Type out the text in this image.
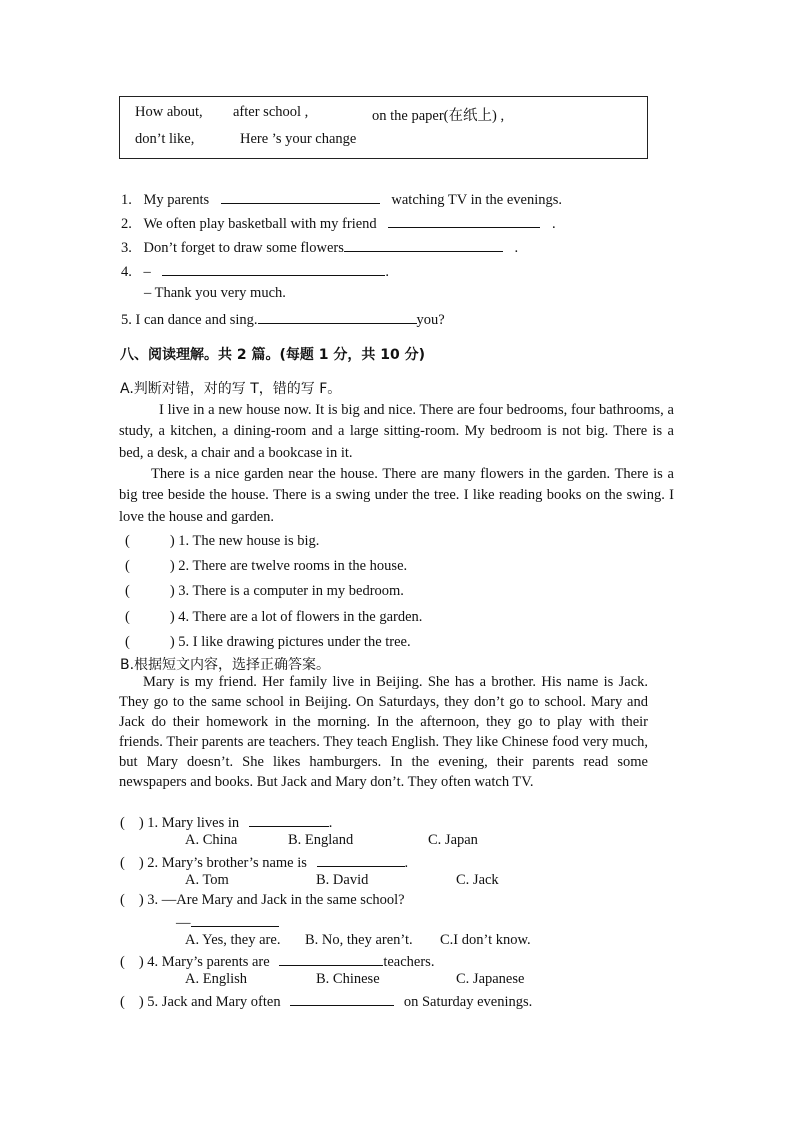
How about, after school ,	on the paper(在纸上) ,
don’t like,	Here ’s your change
1. My parents	watching TV in the evenings.
2. We often play basketball with my friend	.
3. Don’t forget to draw some flowers	.
4. –	.
– Thank you very much.
5. I can dance and sing.	you?
八、阅读理解。共 2 篇。(每题 1 分，共 10 分)
A.判断对错，对的写 T，错的写 F。
I live in a new house now. It is big and nice. There are four bedrooms, four bathrooms, a study, a kitchen, a dining-room and a large sitting-room. My bedroom is not big. There is a bed, a desk, a chair and a bookcase in it.
There is a nice garden near the house. There are many flowers in the garden. There is a big tree beside the house. There is a swing under the tree. I like reading books on the swing. I love the house and garden.
(	) 1. The new house is big.
(	) 2. There are twelve rooms in the house.
(	) 3. There is a computer in my bedroom.
(	) 4. There are a lot of flowers in the garden.
(	) 5. I like drawing pictures under the tree.
B.根据短文内容，选择正确答案。
Mary is my friend. Her family live in Beijing. She has a brother. His name is Jack. They go to the same school in Beijing. On Saturdays, they don’t go to school. Mary and Jack do their homework in the morning. In the afternoon, they go to play with their friends. Their parents are teachers. They teach English. They like Chinese food very much, but Mary doesn’t. She likes hamburgers. In the evening, their parents read some newspapers and books. But Jack and Mary don’t. They often watch TV.
( ) 1. Mary lives in	.
A. China	B. England	C. Japan
( ) 2. Mary’s brother’s name is	.
A. Tom	B. David	C. Jack
( ) 3. —Are Mary and Jack in the same school?
—
A. Yes, they are. B. No, they aren’t. C.I don’t know.
( ) 4. Mary’s parents are	teachers.
A. English	B. Chinese	C. Japanese
( ) 5. Jack and Mary often	on Saturday evenings.
